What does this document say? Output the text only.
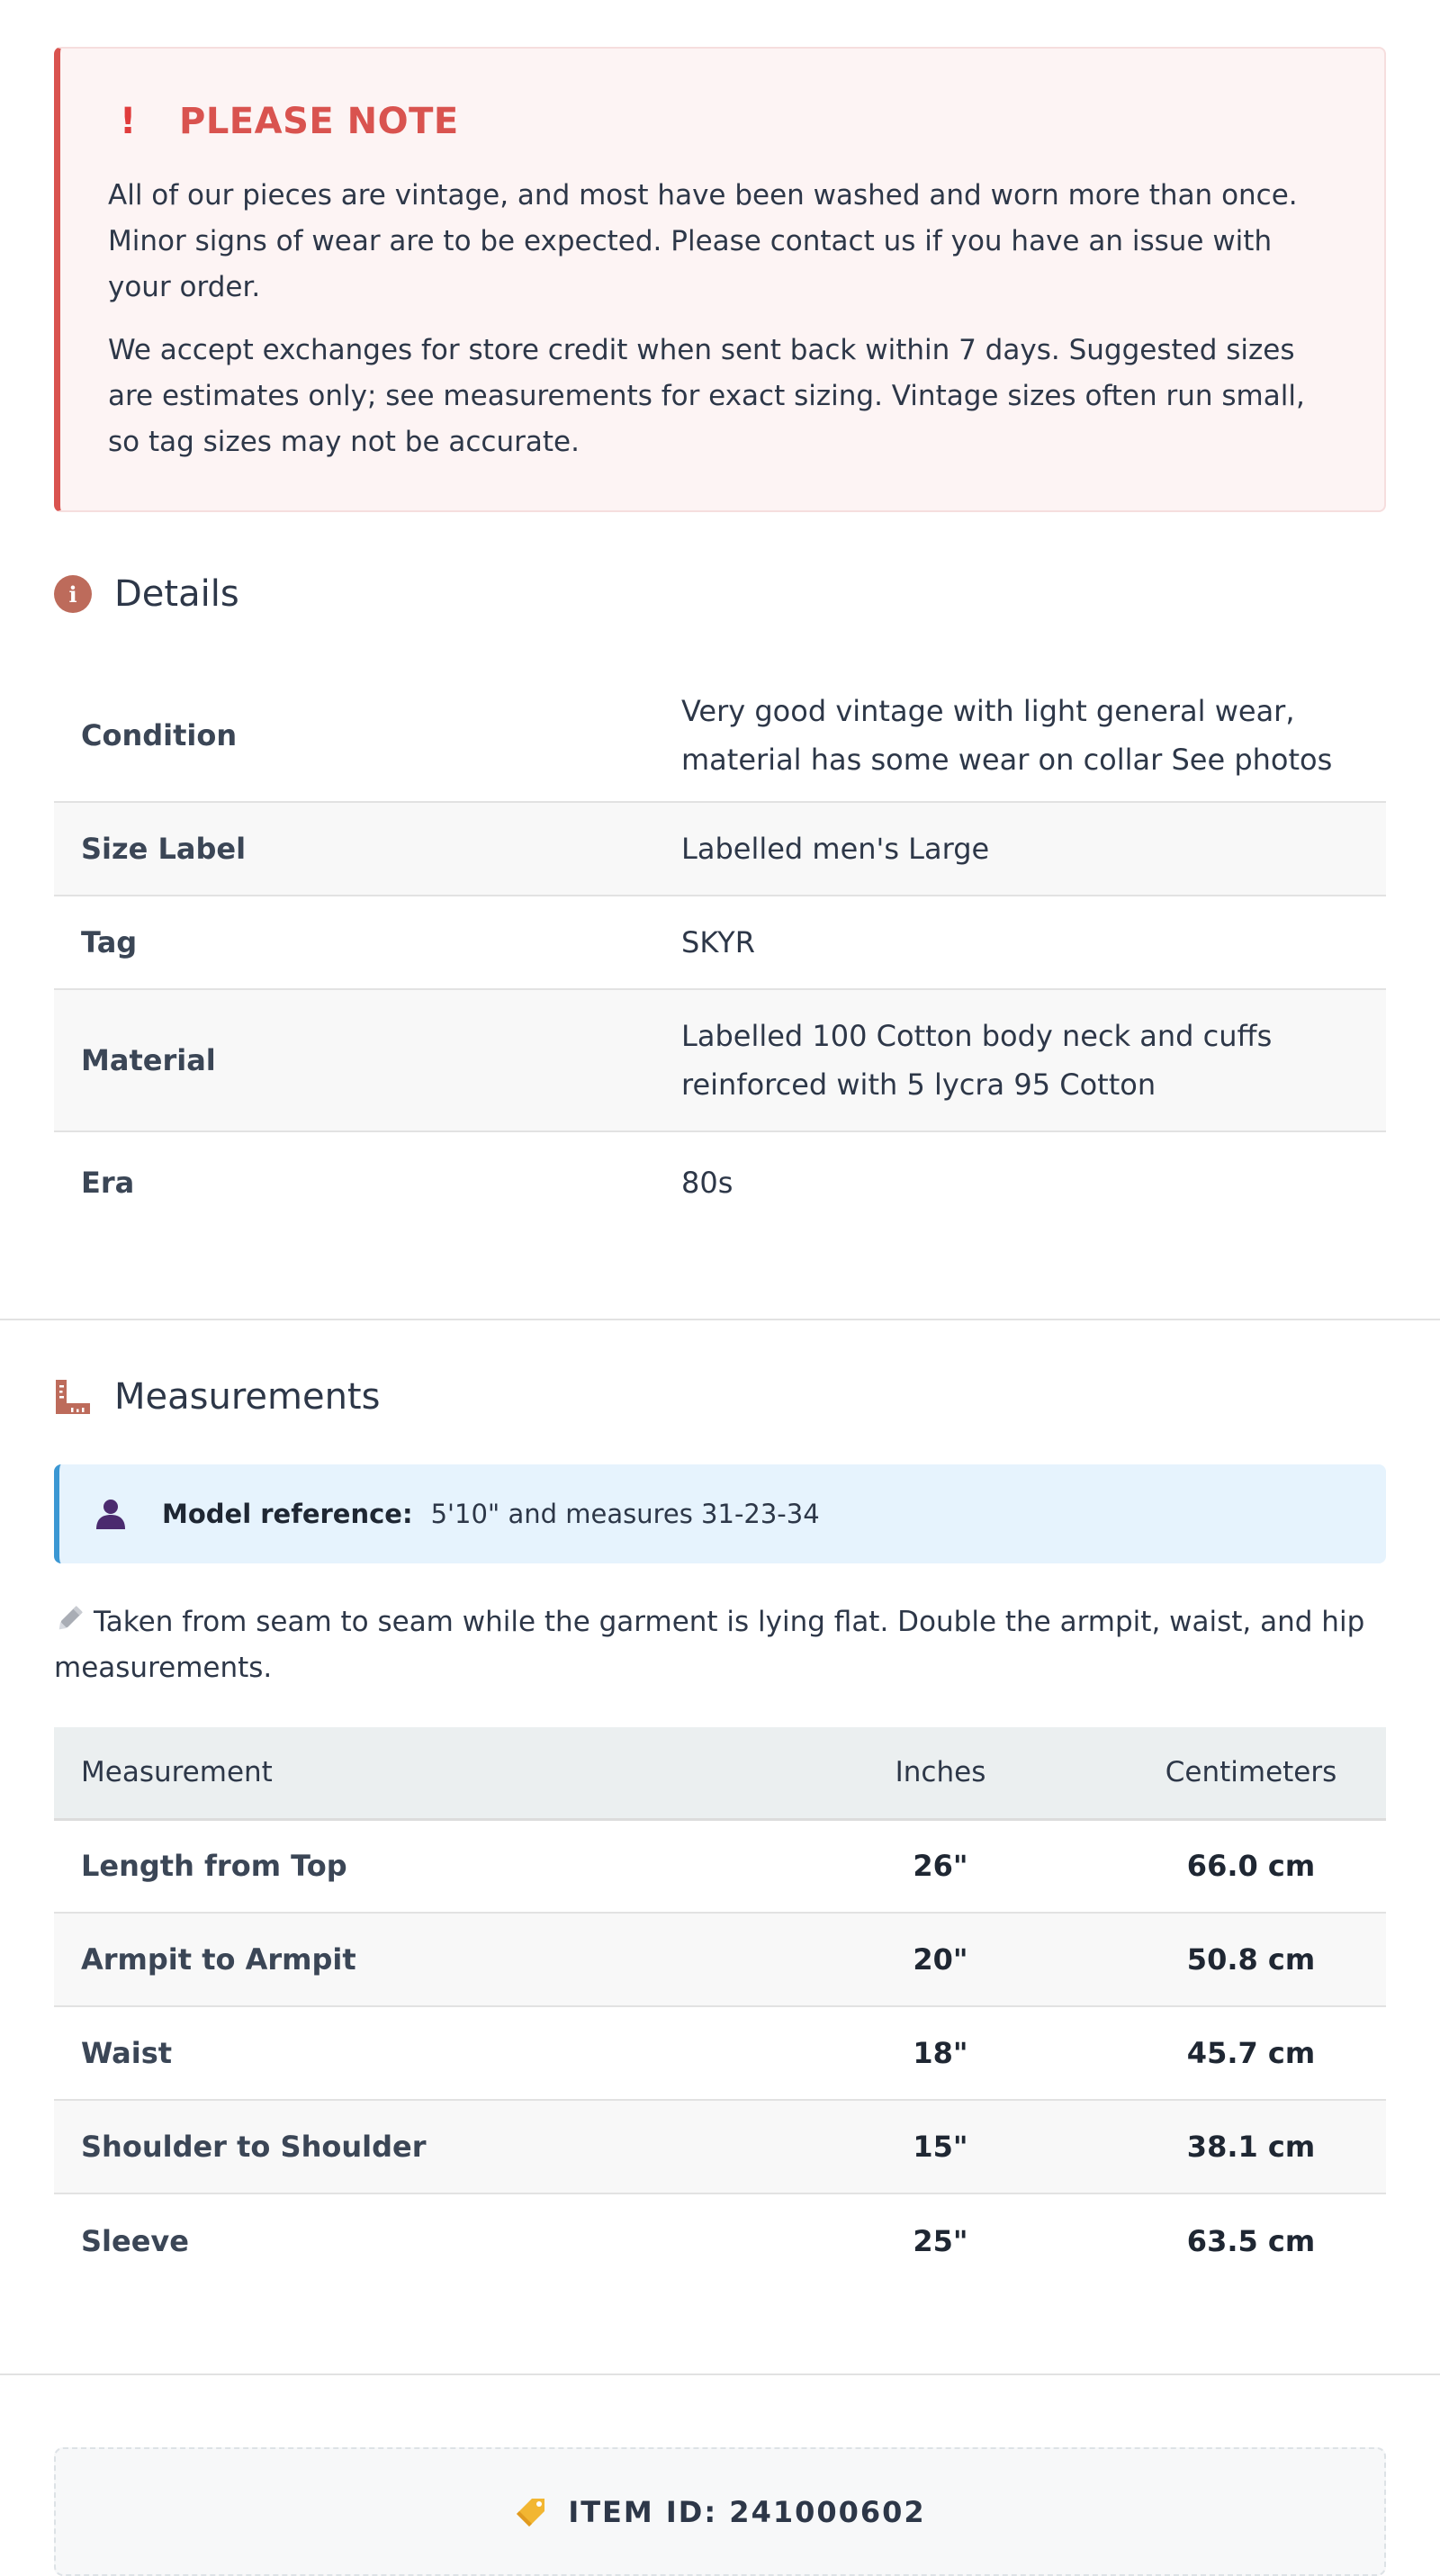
! PLEASE NOTE

All of our pieces are vintage, and most have been washed and worn more than once. Minor signs of wear are to be expected. Please contact us if you have an issue with your order.

We accept exchanges for store credit when sent back within 7 days. Suggested sizes are estimates only; see measurements for exact sizing. Vintage sizes often run small, so tag sizes may not be accurate.

i	Details
Condition	Very good vintage with light general wear, material has some wear on collar See photos
Size Label	Labelled men's Large
Tag	SKYR
Material	Labelled 100 Cotton body neck and cuffs reinforced with 5 lycra 95 Cotton
Era	80s
Measurements
Model reference: 5'10" and measures 31-23-34
Taken from seam to seam while the garment is lying flat. Double the armpit, waist, and hip measurements.
Measurement	Inches	Centimeters
Length from Top	26"	66.0 cm
Armpit to Armpit	20"	50.8 cm
Waist	18"	45.7 cm
Shoulder to Shoulder	15"	38.1 cm
Sleeve	25"	63.5 cm
ITEM ID: 241000602
